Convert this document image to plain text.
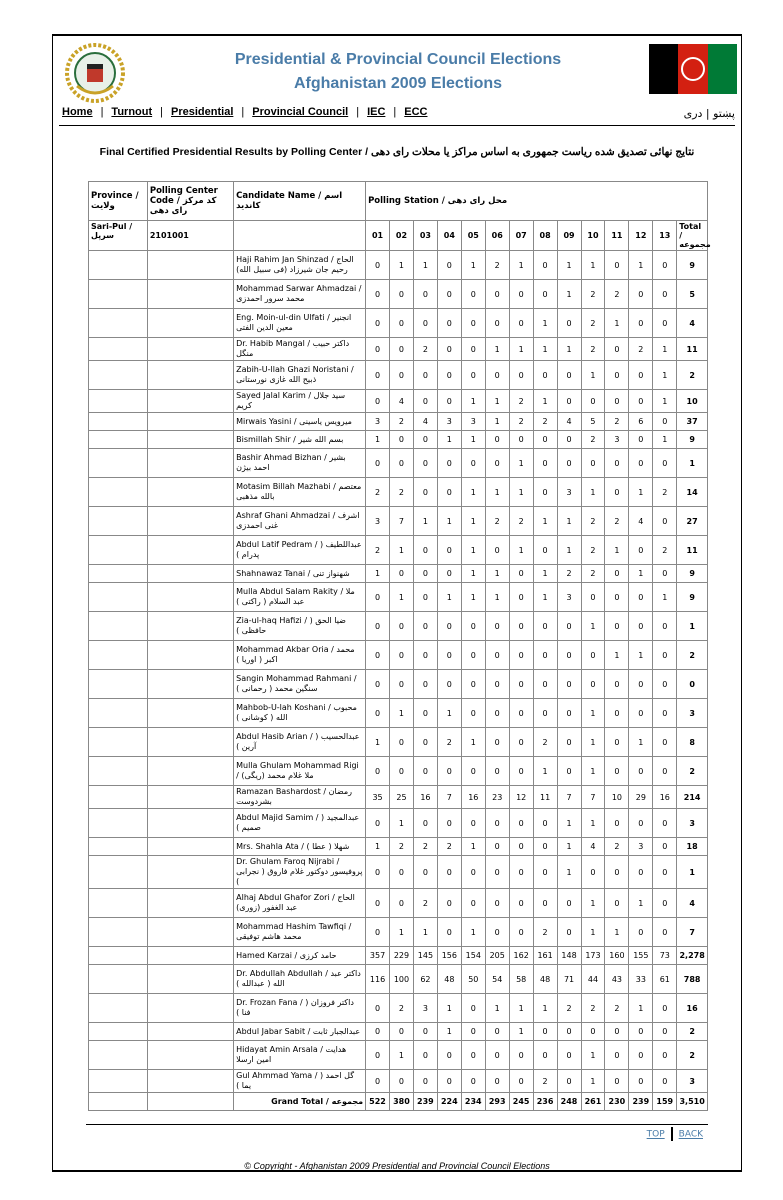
Presidential & Provincial Council Elections
Afghanistan 2009 Elections
Home | Turnout | Presidential | Provincial Council | IEC | ECC	پښتو | دری
Final Certified Presidential Results by Polling Center / نتایج نهائی تصدیق شده ریاست جمهوری به اساس مراکز یا محلات رای دهی
Province / ولایت	Polling Center Code / کد مرکز رای دهی	Candidate Name / اسم کاندید	Polling Station / محل رای دهی													
Sari-Pul / سرپل	2101001		01	02	03	04	05	06	07	08	09	10	11	12	13	Total / مجموعه
		Haji Rahim Jan Shinzad / الحاج رحیم جان شیرزاد (فی سبیل الله)	0	1	1	0	1	2	1	0	1	1	0	1	0	9
		Mohammad Sarwar Ahmadzai / محمد سرور احمدزی	0	0	0	0	0	0	0	0	1	2	2	0	0	5
		Eng. Moin-ul-din Ulfati / انجنیر معین الدین الفتی	0	0	0	0	0	0	0	1	0	2	1	0	0	4
		Dr. Habib Mangal / داکتر حبیب منگل	0	0	2	0	0	1	1	1	1	2	0	2	1	11
		Zabih-U-llah Ghazi Noristani / ذبیح الله غازی نورستانی	0	0	0	0	0	0	0	0	0	1	0	0	1	2
		Sayed Jalal Karim / سید جلال کریم	0	4	0	0	1	1	2	1	0	0	0	0	1	10
		Mirwais Yasini / میرویس یاسینی	3	2	4	3	3	1	2	2	4	5	2	6	0	37
		Bismillah Shir / بسم الله شیر	1	0	0	1	1	0	0	0	0	2	3	0	1	9
		Bashir Ahmad Bizhan / بشیر احمد بیژن	0	0	0	0	0	0	1	0	0	0	0	0	0	1
		Motasim Billah Mazhabi / معتصم بالله مذهبی	2	2	0	0	1	1	1	0	3	1	0	1	2	14
		Ashraf Ghani Ahmadzai / اشرف غنی احمدزی	3	7	1	1	1	2	2	1	1	2	2	4	0	27
		Abdul Latif Pedram / عبداللطیف ( پدرام )	2	1	0	0	1	0	1	0	1	2	1	0	2	11
		Shahnawaz Tanai / شهنواز تنی	1	0	0	0	1	1	0	1	2	2	0	1	0	9
		Mulla Abdul Salam Rakity / ملا عبد السلام ( راکتی )	0	1	0	1	1	1	0	1	3	0	0	0	1	9
		Zia-ul-haq Hafizi / ضیا الحق ( حافظی )	0	0	0	0	0	0	0	0	0	1	0	0	0	1
		Mohammad Akbar Oria / محمد اکبر ( اوریا )	0	0	0	0	0	0	0	0	0	0	1	1	0	2
		Sangin Mohammad Rahmani / سنگین محمد ( رحمانی )	0	0	0	0	0	0	0	0	0	0	0	0	0	0
		Mahbob-U-lah Koshani / محبوب الله ( کوشانی )	0	1	0	1	0	0	0	0	0	1	0	0	0	3
		Abdul Hasib Arian / عبدالحسیب ( آرین )	1	0	0	2	1	0	0	2	0	1	0	1	0	8
		Mulla Ghulam Mohammad Rigi / ملا غلام محمد (ریگی)	0	0	0	0	0	0	0	1	0	1	0	0	0	2
		Ramazan Bashardost / رمضان بشردوست	35	25	16	7	16	23	12	11	7	7	10	29	16	214
		Abdul Majid Samim / عبدالمجید ( صمیم )	0	1	0	0	0	0	0	0	1	1	0	0	0	3
		Mrs. Shahla Ata / شهلا ( عطا )	1	2	2	2	1	0	0	0	1	4	2	3	0	18
		Dr. Ghulam Faroq Nijrabi / پروفیسور دوکتور غلام فاروق ( نجرابی )	0	0	0	0	0	0	0	0	1	0	0	0	0	1
		Alhaj Abdul Ghafor Zori / الحاج عبد الغفور (زوری)	0	0	2	0	0	0	0	0	0	1	0	1	0	4
		Mohammad Hashim Tawfiqi / محمد هاشم توفیقی	0	1	1	0	1	0	0	2	0	1	1	0	0	7
		Hamed Karzai / حامد کرزی	357	229	145	156	154	205	162	161	148	173	160	155	73	2,278
		Dr. Abdullah Abdullah / داکتر عبد الله ( عبدالله )	116	100	62	48	50	54	58	48	71	44	43	33	61	788
		Dr. Frozan Fana / داکتر فروزان ( فنا )	0	2	3	1	0	1	1	1	2	2	2	1	0	16
		Abdul Jabar Sabit / عبدالجبار ثابت	0	0	0	1	0	0	1	0	0	0	0	0	0	2
		Hidayat Amin Arsala / هدایت امین ارسلا	0	1	0	0	0	0	0	0	0	1	0	0	0	2
		Gul Ahmmad Yama / گل احمد ( یما )	0	0	0	0	0	0	0	2	0	1	0	0	0	3
		Grand Total / مجموعه	522	380	239	224	234	293	245	236	248	261	230	239	159	3,510
TOP BACK
© Copyright - Afghanistan 2009 Presidential and Provincial Council Elections
